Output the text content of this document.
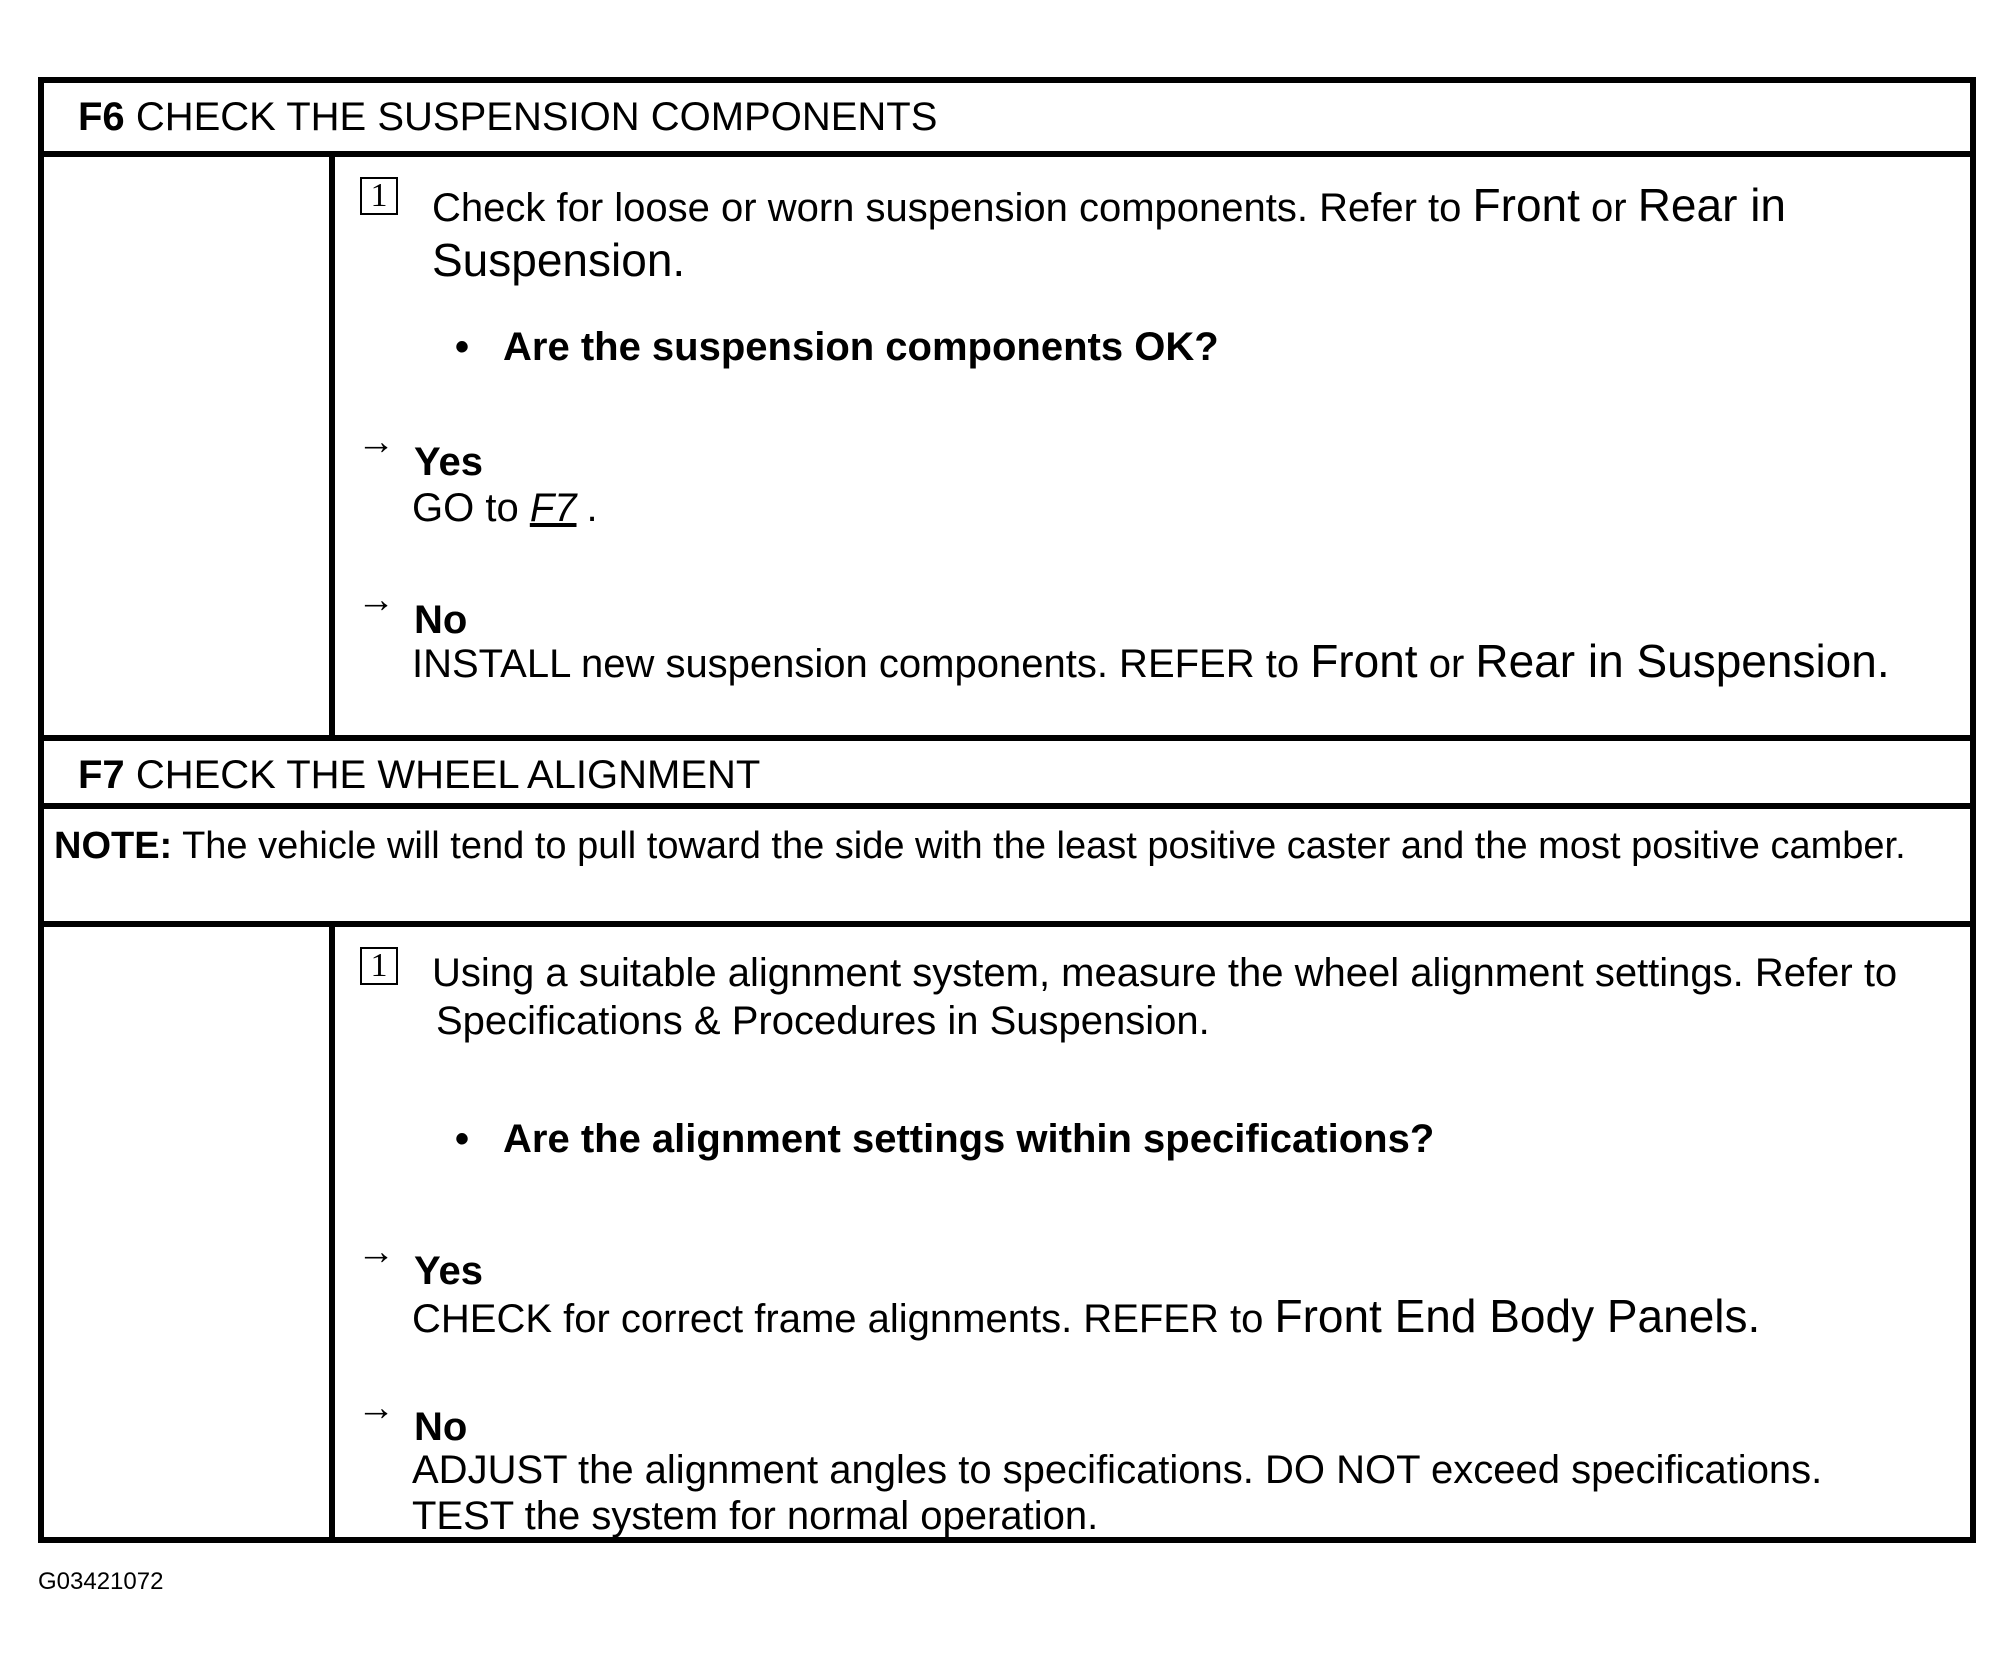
F6 CHECK THE SUSPENSION COMPONENTS
1 Check for loose or worn suspension components. Refer to Front or Rear in
Suspension.
• Are the suspension components OK?
→ Yes
GO to F7 .
→ No
INSTALL new suspension components. REFER to Front or Rear in Suspension.
F7 CHECK THE WHEEL ALIGNMENT
NOTE: The vehicle will tend to pull toward the side with the least positive caster and the most positive camber.
1 Using a suitable alignment system, measure the wheel alignment settings. Refer to
Specifications & Procedures in Suspension.
• Are the alignment settings within specifications?
→ Yes
CHECK for correct frame alignments. REFER to Front End Body Panels.
→ No
ADJUST the alignment angles to specifications. DO NOT exceed specifications.
TEST the system for normal operation.
G03421072
